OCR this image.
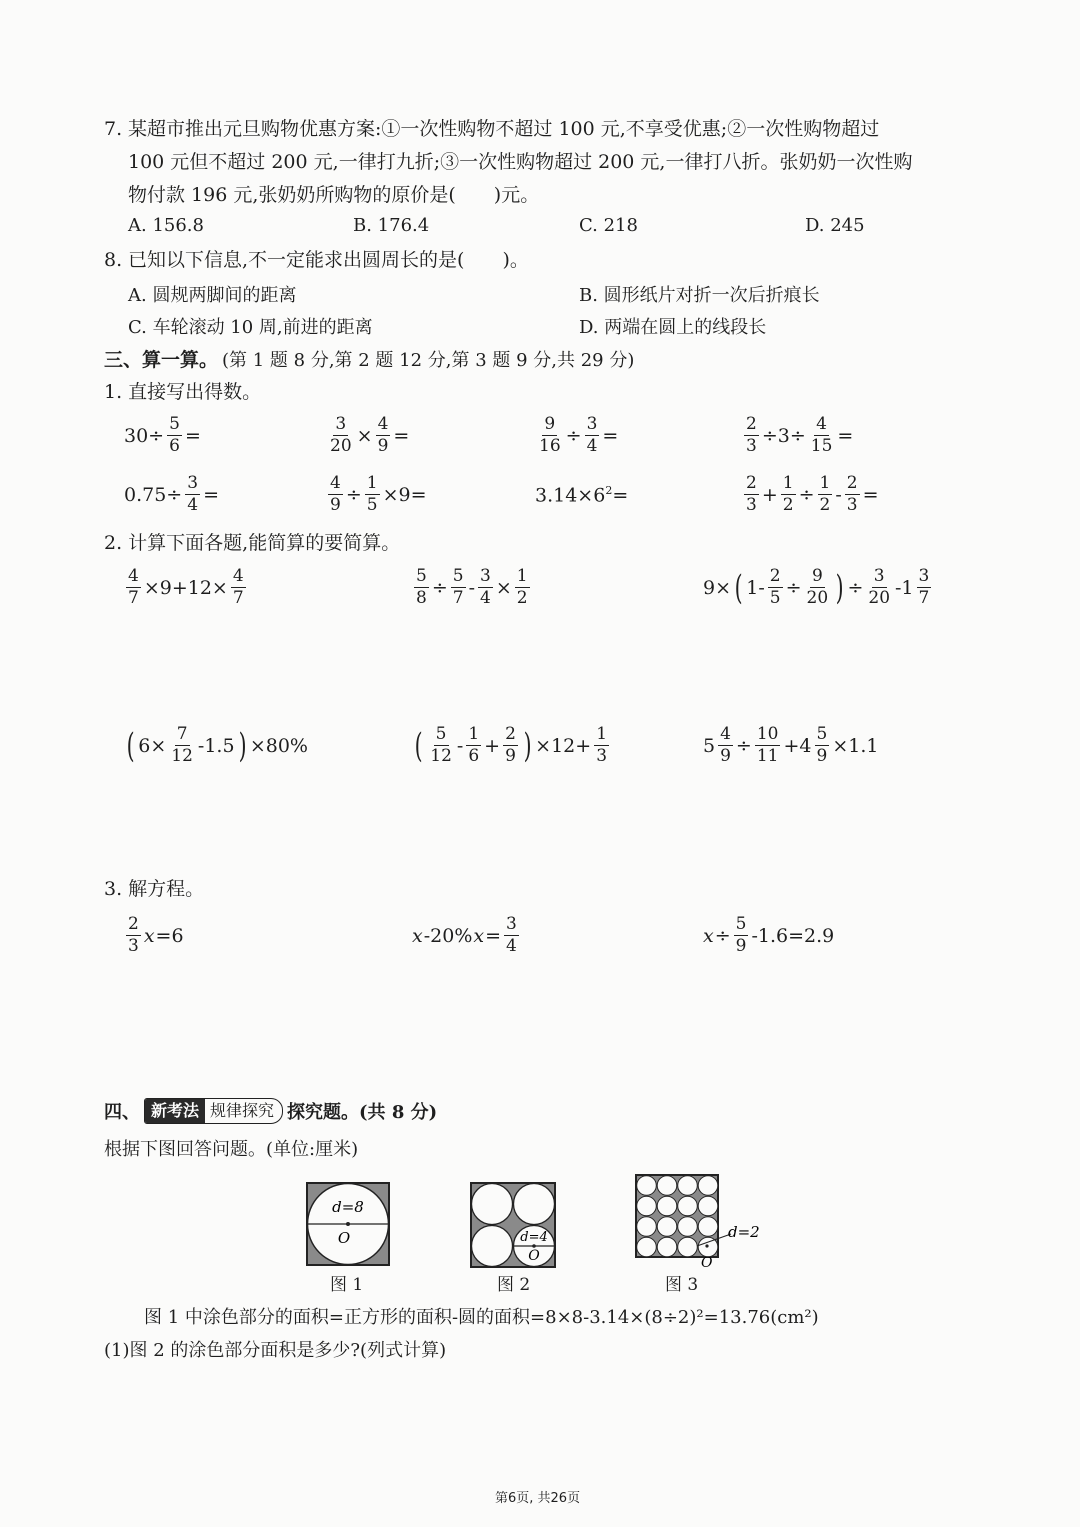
7. 某超市推出元旦购物优惠方案:①一次性购物不超过 100 元,不享受优惠;②一次性购物超过
100 元但不超过 200 元,一律打九折;③一次性购物超过 200 元,一律打八折。张奶奶一次性购
物付款 196 元,张奶奶所购物的原价是(　　)元。
A. 156.8	B. 176.4	C. 218	D. 245
8. 已知以下信息,不一定能求出圆周长的是(　　)。
A. 圆规两脚间的距离	B. 圆形纸片对折一次后折痕长
C. 车轮滚动 10 周,前进的距离	D. 两端在圆上的线段长
三、算一算。 (第 1 题 8 分,第 2 题 12 分,第 3 题 9 分,共 29 分)
1. 直接写出得数。
$30\div \frac{5}{6}$ =	$\frac{3}{20} \times \frac{4}{9}$ =	$\frac{9}{16} \div \frac{3}{4}$ =	$\frac{2}{3} \div 3\div \frac{4}{15}$ =
$0.75\div \frac{3}{4}$ =	$\frac{4}{9} \div \frac{1}{5} \times 9=$	$3.14\times 6^2=$	$\frac{2}{3} + \frac{1}{2} \div \frac{1}{2} - \frac{2}{3}$ =
2. 计算下面各题,能简算的要简算。
$\frac{4}{7} \times 9+12\times \frac{4}{7}$	$\frac{5}{8} \div \frac{5}{7} - \frac{3}{4} \times \frac{1}{2}$	9× ( $1- \frac{2}{5} \div \frac{9}{20}$ ) ÷ $\frac{3}{20} -1 \frac{3}{7}$
( $6\times \frac{7}{12} -1.5$ ) ×80%	( $\frac{5}{12} - \frac{1}{6} + \frac{2}{9}$ ) $\times 12+ \frac{1}{3}$	$5 \frac{4}{9} \div \frac{10}{11} +4 \frac{5}{9} \times 1.1$
3. 解方程。
$\frac{2}{3}$ x =6	x -20% $x = \frac{3}{4}$	$x \div \frac{5}{9} -1.6=2.9$
四、 新考法 规律探究 探究题。(共 8 分)
根据下图回答问题。(单位:厘米)
d=8
O
图 1
d=4
O
图 2
d=2
O
图 3
图 1 中涂色部分的面积=正方形的面积-圆的面积=8×8-3.14×(8÷2)²=13.76(cm²)
(1)图 2 的涂色部分面积是多少?(列式计算)
第6页, 共26页
